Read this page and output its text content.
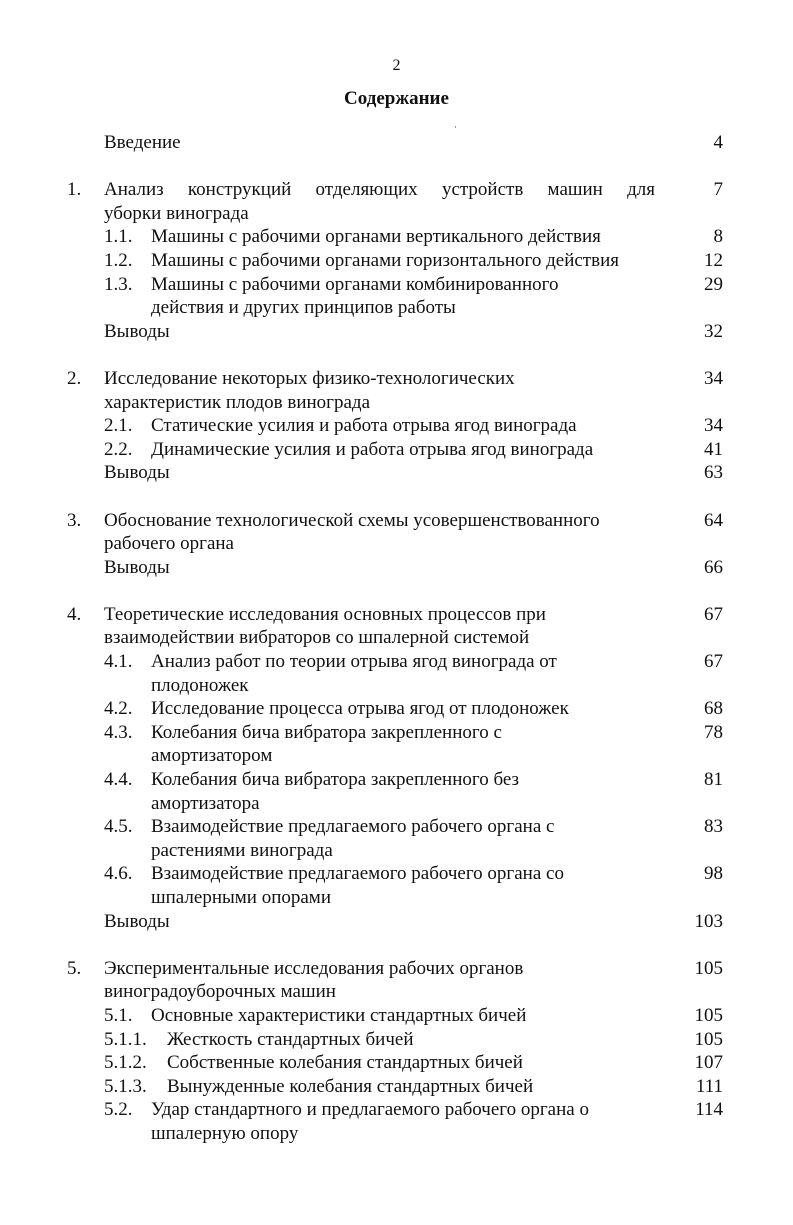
2
Содержание
Введение	4
1. Анализ конструкций отделяющих устройств машин для	7
уборки винограда
1.1. Машины с рабочими органами вертикального действия	8
1.2. Машины с рабочими органами горизонтального действия	12
1.3. Машины с рабочими органами комбинированного	29
действия и других принципов работы
Выводы	32
2. Исследование некоторых физико-технологических	34
характеристик плодов винограда
2.1. Статические усилия и работа отрыва ягод винограда	34
2.2. Динамические усилия и работа отрыва ягод винограда	41
Выводы	63
3. Обоснование технологической схемы усовершенствованного	64
рабочего органа
Выводы	66
4. Теоретические исследования основных процессов при	67
взаимодействии вибраторов со шпалерной системой
4.1. Анализ работ по теории отрыва ягод винограда от	67
плодоножек
4.2. Исследование процесса отрыва ягод от плодоножек	68
4.3. Колебания бича вибратора закрепленного с	78
амортизатором
4.4. Колебания бича вибратора закрепленного без	81
амортизатора
4.5. Взаимодействие предлагаемого рабочего органа с	83
растениями винограда
4.6. Взаимодействие предлагаемого рабочего органа со	98
шпалерными опорами
Выводы	103
5. Экспериментальные исследования рабочих органов	105
виноградоуборочных машин
5.1. Основные характеристики стандартных бичей	105
5.1.1. Жесткость стандартных бичей	105
5.1.2. Собственные колебания стандартных бичей	107
5.1.3. Вынужденные колебания стандартных бичей	111
5.2. Удар стандартного и предлагаемого рабочего органа о	114
шпалерную опору
